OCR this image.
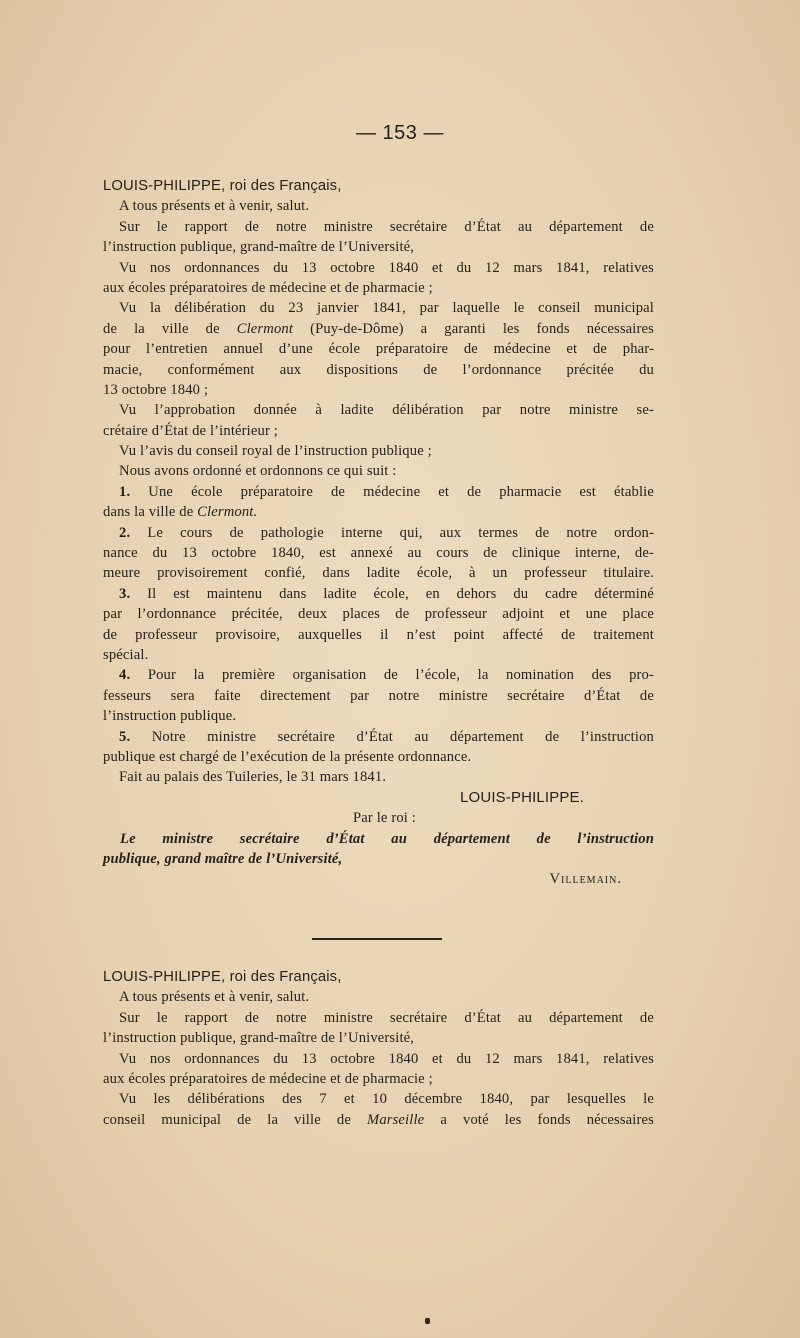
— 153 —
LOUIS-PHILIPPE, roi des Français,
A tous présents et à venir, salut.
Sur le rapport de notre ministre secrétaire d’État au département de
l’instruction publique, grand-maître de l’Université,
Vu nos ordonnances du 13 octobre 1840 et du 12 mars 1841, relatives
aux écoles préparatoires de médecine et de pharmacie ;
Vu la délibération du 23 janvier 1841, par laquelle le conseil municipal
de la ville de Clermont (Puy-de-Dôme) a garanti les fonds nécessaires
pour l’entretien annuel d’une école préparatoire de médecine et de phar-
macie, conformément aux dispositions de l’ordonnance précitée du
13 octobre 1840 ;
Vu l’approbation donnée à ladite délibération par notre ministre se-
crétaire d’État de l’intérieur ;
Vu l’avis du conseil royal de l’instruction publique ;
Nous avons ordonné et ordonnons ce qui suit :
1. Une école préparatoire de médecine et de pharmacie est établie
dans la ville de Clermont.
2. Le cours de pathologie interne qui, aux termes de notre ordon-
nance du 13 octobre 1840, est annexé au cours de clinique interne, de-
meure provisoirement confié, dans ladite école, à un professeur titulaire.
3. Il est maintenu dans ladite école, en dehors du cadre déterminé
par l’ordonnance précitée, deux places de professeur adjoint et une place
de professeur provisoire, auxquelles il n’est point affecté de traitement
spécial.
4. Pour la première organisation de l’école, la nomination des pro-
fesseurs sera faite directement par notre ministre secrétaire d’État de
l’instruction publique.
5. Notre ministre secrétaire d’État au département de l’instruction
publique est chargé de l’exécution de la présente ordonnance.
Fait au palais des Tuileries, le 31 mars 1841.
LOUIS-PHILIPPE.
Par le roi :
Le ministre secrétaire d’État au département de l’instruction
publique, grand maître de l’Université,
Villemain.
LOUIS-PHILIPPE, roi des Français,
A tous présents et à venir, salut.
Sur le rapport de notre ministre secrétaire d’État au département de
l’instruction publique, grand-maître de l’Université,
Vu nos ordonnances du 13 octobre 1840 et du 12 mars 1841, relatives
aux écoles préparatoires de médecine et de pharmacie ;
Vu les délibérations des 7 et 10 décembre 1840, par lesquelles le
conseil municipal de la ville de Marseille a voté les fonds nécessaires
